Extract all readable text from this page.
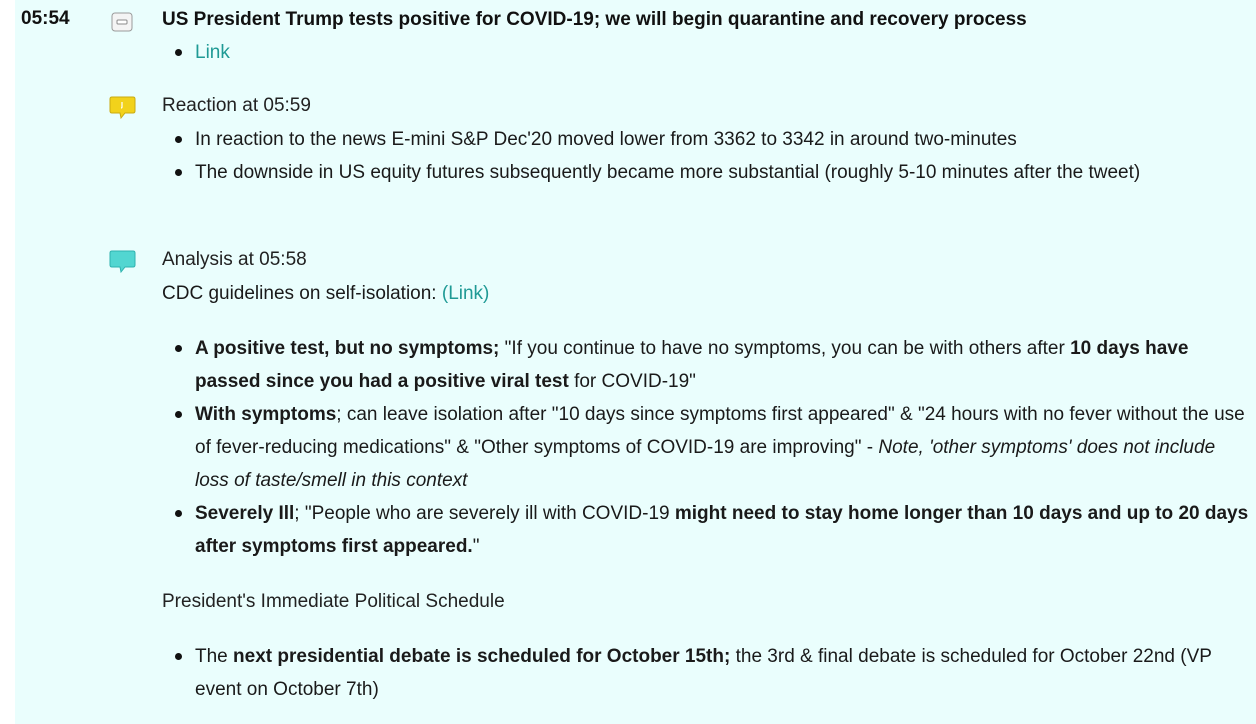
05:54	US President Trump tests positive for COVID-19; we will begin quarantine and recovery process
Link
Reaction at 05:59
In reaction to the news E-mini S&P Dec'20 moved lower from 3362 to 3342 in around two-minutes
The downside in US equity futures subsequently became more substantial (roughly 5-10 minutes after the tweet)
Analysis at 05:58
CDC guidelines on self-isolation: (Link)
A positive test, but no symptoms; "If you continue to have no symptoms, you can be with others after 10 days have passed since you had a positive viral test for COVID-19"
With symptoms; can leave isolation after "10 days since symptoms first appeared" & "24 hours with no fever without the use of fever-reducing medications" & "Other symptoms of COVID-19 are improving" - Note, 'other symptoms' does not include loss of taste/smell in this context
Severely Ill; "People who are severely ill with COVID-19 might need to stay home longer than 10 days and up to 20 days after symptoms first appeared."
President's Immediate Political Schedule
The next presidential debate is scheduled for October 15th; the 3rd & final debate is scheduled for October 22nd (VP event on October 7th)
